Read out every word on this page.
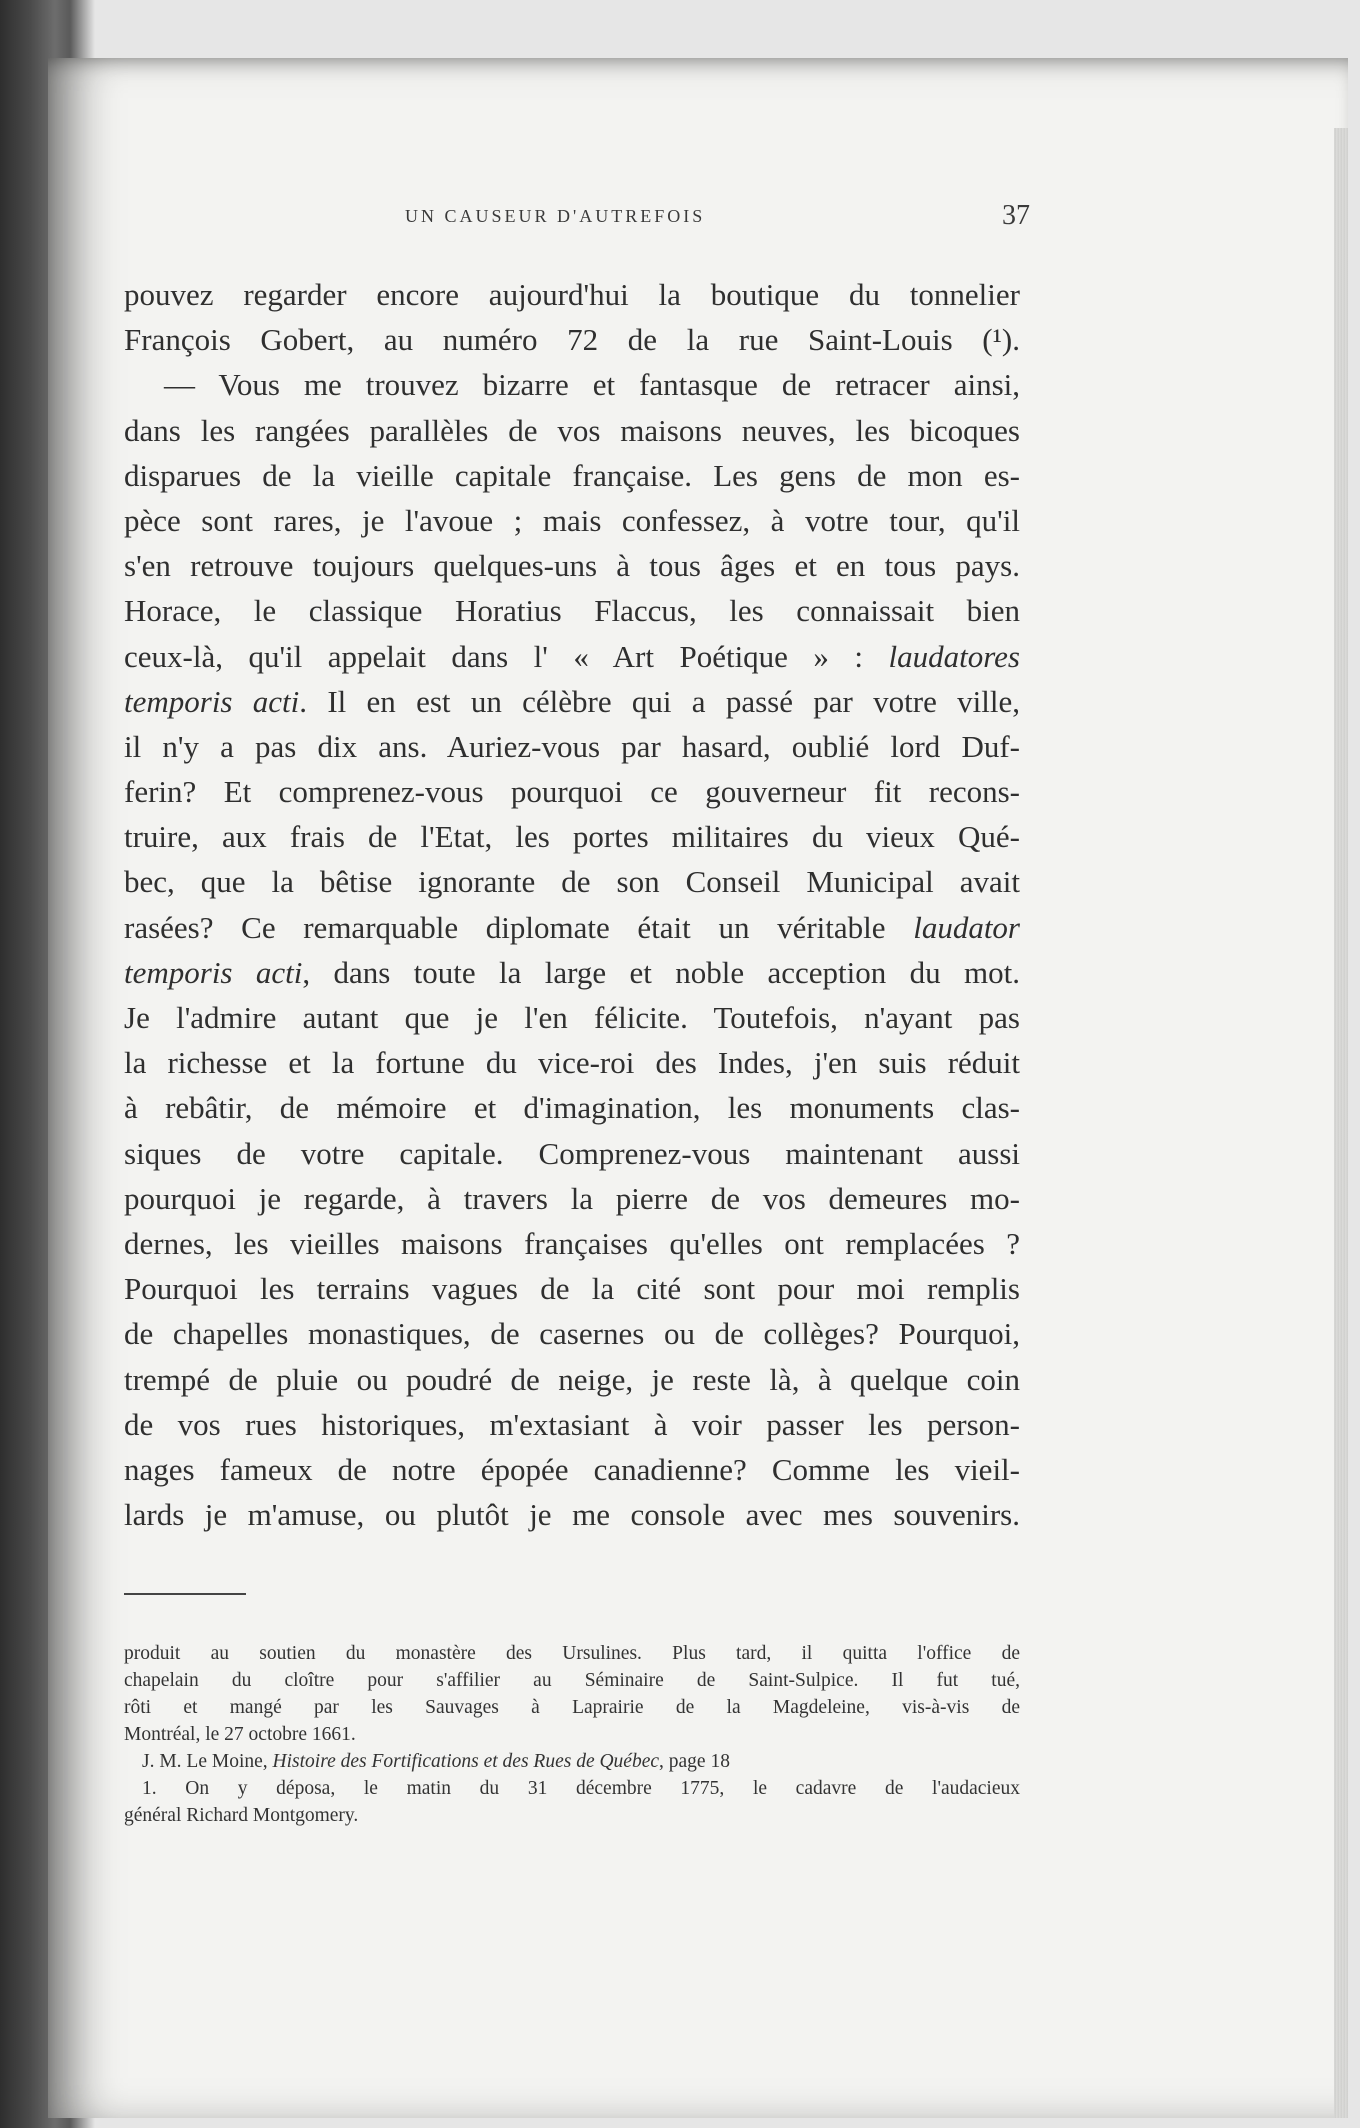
UN CAUSEUR D'AUTREFOIS	37
pouvez regarder encore aujourd'hui la boutique du tonnelier
François Gobert, au numéro 72 de la rue Saint-Louis (¹).
— Vous me trouvez bizarre et fantasque de retracer ainsi,
dans les rangées parallèles de vos maisons neuves, les bicoques
disparues de la vieille capitale française. Les gens de mon es-
pèce sont rares, je l'avoue ; mais confessez, à votre tour, qu'il
s'en retrouve toujours quelques-uns à tous âges et en tous pays.
Horace, le classique Horatius Flaccus, les connaissait bien
ceux-là, qu'il appelait dans l' « Art Poétique » : laudatores
temporis acti. Il en est un célèbre qui a passé par votre ville,
il n'y a pas dix ans. Auriez-vous par hasard, oublié lord Duf-
ferin? Et comprenez-vous pourquoi ce gouverneur fit recons-
truire, aux frais de l'Etat, les portes militaires du vieux Qué-
bec, que la bêtise ignorante de son Conseil Municipal avait
rasées? Ce remarquable diplomate était un véritable laudator
temporis acti, dans toute la large et noble acception du mot.
Je l'admire autant que je l'en félicite. Toutefois, n'ayant pas
la richesse et la fortune du vice-roi des Indes, j'en suis réduit
à rebâtir, de mémoire et d'imagination, les monuments clas-
siques de votre capitale. Comprenez-vous maintenant aussi
pourquoi je regarde, à travers la pierre de vos demeures mo-
dernes, les vieilles maisons françaises qu'elles ont remplacées ?
Pourquoi les terrains vagues de la cité sont pour moi remplis
de chapelles monastiques, de casernes ou de collèges? Pourquoi,
trempé de pluie ou poudré de neige, je reste là, à quelque coin
de vos rues historiques, m'extasiant à voir passer les person-
nages fameux de notre épopée canadienne? Comme les vieil-
lards je m'amuse, ou plutôt je me console avec mes souvenirs.
produit au soutien du monastère des Ursulines. Plus tard, il quitta l'office de
chapelain du cloître pour s'affilier au Séminaire de Saint-Sulpice. Il fut tué,
rôti et mangé par les Sauvages à Laprairie de la Magdeleine, vis-à-vis de
Montréal, le 27 octobre 1661.
J. M. Le Moine, Histoire des Fortifications et des Rues de Québec, page 18
1. On y déposa, le matin du 31 décembre 1775, le cadavre de l'audacieux
général Richard Montgomery.
